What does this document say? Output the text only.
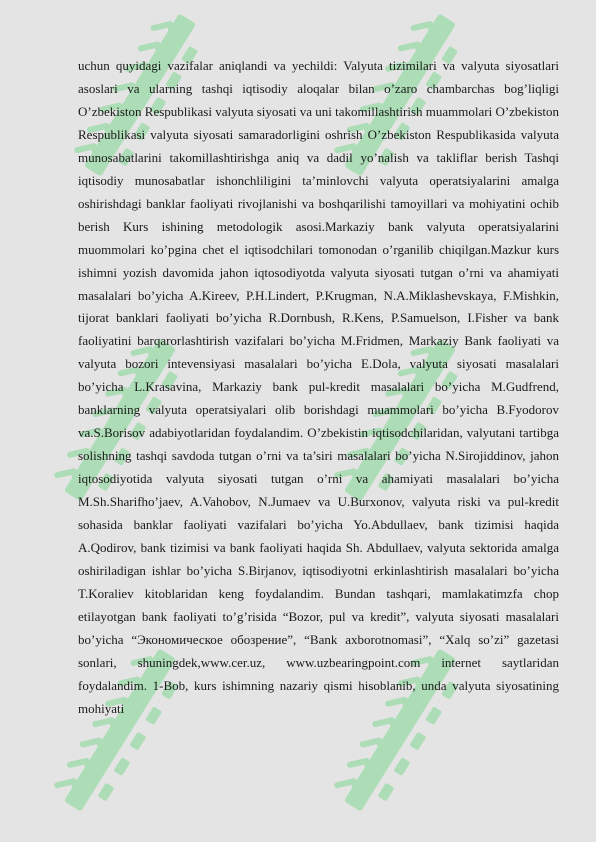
uchun quyidagi vazifalar aniqlandi va yechildi: Valyuta tizimilari va valyuta siyosatlari asoslari va ularning tashqi iqtisodiy aloqalar bilan o’zaro chambarchas bog’liqligi O’zbekiston Respublikasi valyuta siyosati va uni takomillashtirish muammolari O’zbekiston Respublikasi valyuta siyosati samaradorligini oshrish O’zbekiston Respublikasida valyuta munosabatlarini takomillashtirishga aniq va dadil yo’nalish va takliflar berish Tashqi iqtisodiy munosabatlar ishonchliligini ta’minlovchi valyuta operatsiyalarini amalga oshirishdagi banklar faoliyati rivojlanishi va boshqarilishi tamoyillari va mohiyatini ochib berish Kurs ishining metodologik asosi.Markaziy bank valyuta operatsiyalarini muommolari ko’pgina chet el iqtisodchilari tomonodan o’rganilib chiqilgan.Mazkur kurs ishimni yozish davomida jahon iqtosodiyotda valyuta siyosati tutgan o’rni va ahamiyati masalalari bo’yicha A.Kireev, P.H.Lindert, P.Krugman, N.A.Miklashevskaya, F.Mishkin, tijorat banklari faoliyati bo’yicha R.Dornbush, R.Kens, P.Samuelson, I.Fisher va bank faoliyatini barqarorlashtirish vazifalari bo’yicha M.Fridmen, Markaziy Bank faoliyati va valyuta bozori intevensiyasi masalalari bo’yicha E.Dola, valyuta siyosati masalalari bo’yicha L.Krasavina, Markaziy bank pul-kredit masalalari bo’yicha M.Gudfrend, banklarning valyuta operatsiyalari olib borishdagi muammolari bo’yicha B.Fyodorov va.S.Borisov adabiyotlaridan foydalandim. O’zbekistin iqtisodchilaridan, valyutani tartibga solishning tashqi savdoda tutgan o’rni va ta’siri masalalari bo’yicha N.Sirojiddinov, jahon iqtosodiyotida valyuta siyosati tutgan o’rni va ahamiyati masalalari bo’yicha M.Sh.Sharifho’jaev, A.Vahobov, N.Jumaev va U.Burxonov, valyuta riski va pul-kredit sohasida banklar faoliyati vazifalari bo’yicha Yo.Abdullaev, bank tizimisi haqida A.Qodirov, bank tizimisi va bank faoliyati haqida Sh. Abdullaev, valyuta sektorida amalga oshiriladigan ishlar bo’yicha S.Birjanov, iqtisodiyotni erkinlashtirish masalalari bo’yicha T.Koraliev kitoblaridan keng foydalandim. Bundan tashqari, mamlakatimzfa chop etilayotgan bank faoliyati to’g’risida “Bozor, pul va kredit”, valyuta siyosati masalalari bo’yicha “Экономическое обозрение”, “Bank axborotnomasi”, “Xalq so’zi” gazetasi sonlari, shuningdek,www.cer.uz, www.uzbearingpoint.com internet saytlaridan foydalandim. 1-Bob, kurs ishimning nazariy qismi hisoblanib, unda valyuta siyosatining mohiyati
